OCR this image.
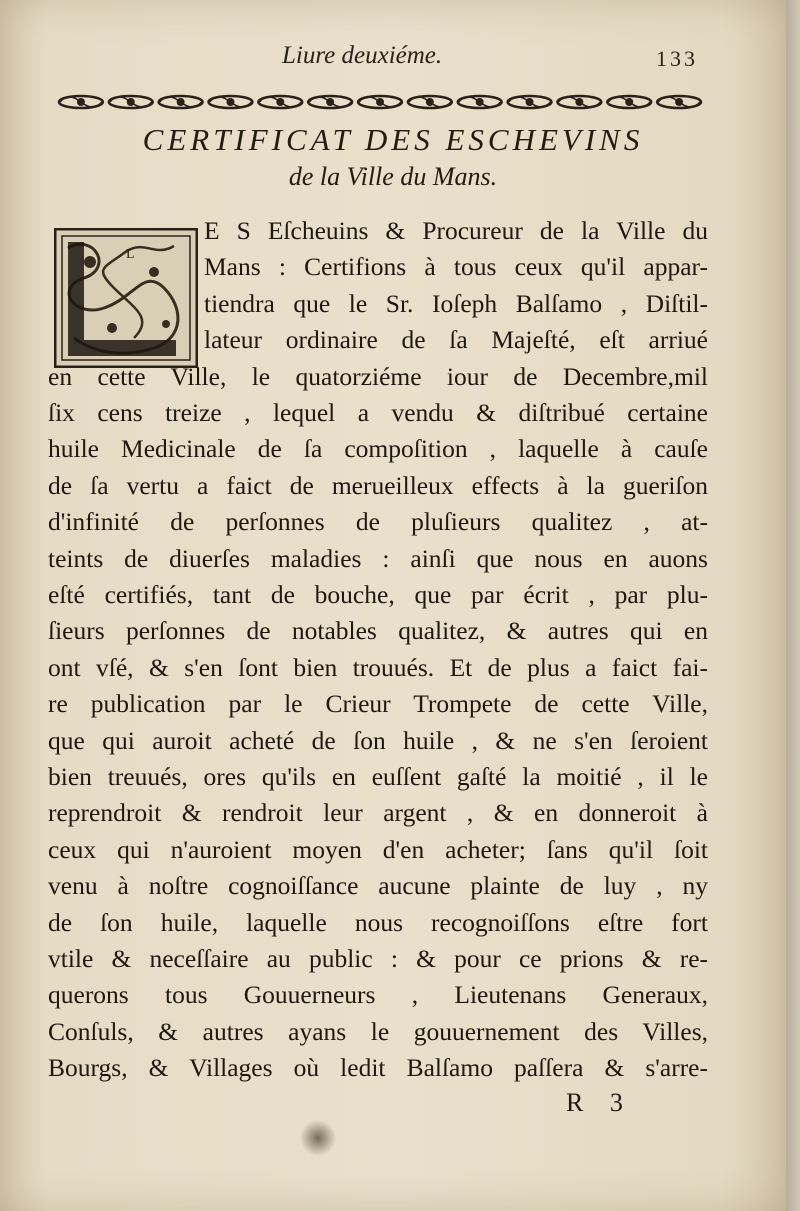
Liure deuxiéme.	133
CERTIFICAT DES ESCHEVINS
de la Ville du Mans.
L
E S Eſcheuins & Procureur de la Ville du
Mans : Certifions à tous ceux qu'il appar-
tiendra que le Sr. Ioſeph Balſamo , Diſtil-
lateur ordinaire de ſa Majeſté, eſt arriué
en cette Ville, le quatorziéme iour de Decembre,mil
ſix cens treize , lequel a vendu & diſtribué certaine
huile Medicinale de ſa compoſition , laquelle à cauſe
de ſa vertu a faict de merueilleux effects à la gueriſon
d'infinité de perſonnes de pluſieurs qualitez , at-
teints de diuerſes maladies : ainſi que nous en auons
eſté certifiés, tant de bouche, que par écrit , par plu-
ſieurs perſonnes de notables qualitez, & autres qui en
ont vſé, & s'en ſont bien trouués. Et de plus a faict fai-
re publication par le Crieur Trompete de cette Ville,
que qui auroit acheté de ſon huile , & ne s'en ſeroient
bien treuués, ores qu'ils en euſſent gaſté la moitié , il le
reprendroit & rendroit leur argent , & en donneroit à
ceux qui n'auroient moyen d'en acheter; ſans qu'il ſoit
venu à noſtre cognoiſſance aucune plainte de luy , ny
de ſon huile, laquelle nous recognoiſſons eſtre fort
vtile & neceſſaire au public : & pour ce prions & re-
querons tous Gouuerneurs , Lieutenans Generaux,
Conſuls, & autres ayans le gouuernement des Villes,
Bourgs, & Villages où ledit Balſamo paſſera & s'arre-
R 3
